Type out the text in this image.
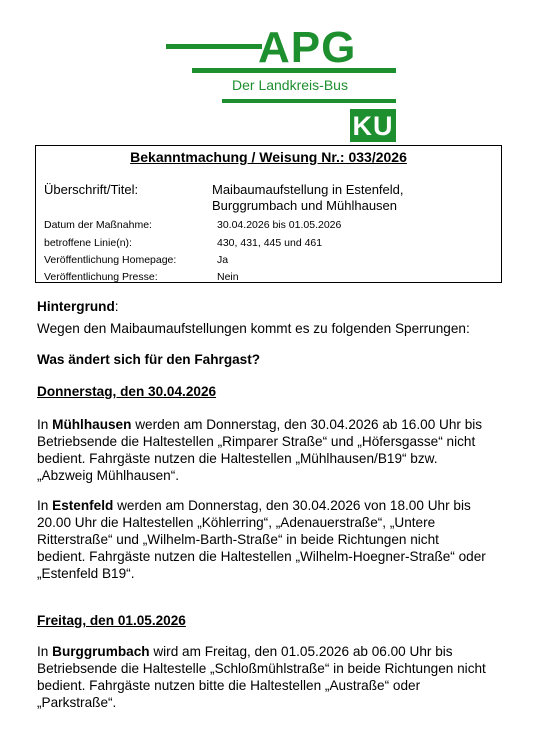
APG
Der Landkreis-Bus
KU
Bekanntmachung / Weisung Nr.: 033/2026
Überschrift/Titel:	Maibaumaufstellung in Estenfeld,
Burggrumbach und Mühlhausen
Datum der Maßnahme:	30.04.2026 bis 01.05.2026
betroffene Linie(n):	430, 431, 445 und 461
Veröffentlichung Homepage:	Ja
Veröffentlichung Presse:	Nein
Hintergrund:
Wegen den Maibaumaufstellungen kommt es zu folgenden Sperrungen:
Was ändert sich für den Fahrgast?
Donnerstag, den 30.04.2026
In Mühlhausen werden am Donnerstag, den 30.04.2026 ab 16.00 Uhr bis
Betriebsende die Haltestellen „Rimparer Straße“ und „Höfersgasse“ nicht
bedient. Fahrgäste nutzen die Haltestellen „Mühlhausen/B19“ bzw.
„Abzweig Mühlhausen“.
In Estenfeld werden am Donnerstag, den 30.04.2026 von 18.00 Uhr bis
20.00 Uhr die Haltestellen „Köhlerring“, „Adenauerstraße“, „Untere
Ritterstraße“ und „Wilhelm-Barth-Straße“ in beide Richtungen nicht
bedient. Fahrgäste nutzen die Haltestellen „Wilhelm-Hoegner-Straße“ oder
„Estenfeld B19“.
Freitag, den 01.05.2026
In Burggrumbach wird am Freitag, den 01.05.2026 ab 06.00 Uhr bis
Betriebsende die Haltestelle „Schloßmühlstraße“ in beide Richtungen nicht
bedient. Fahrgäste nutzen bitte die Haltestellen „Austraße“ oder
„Parkstraße“.
